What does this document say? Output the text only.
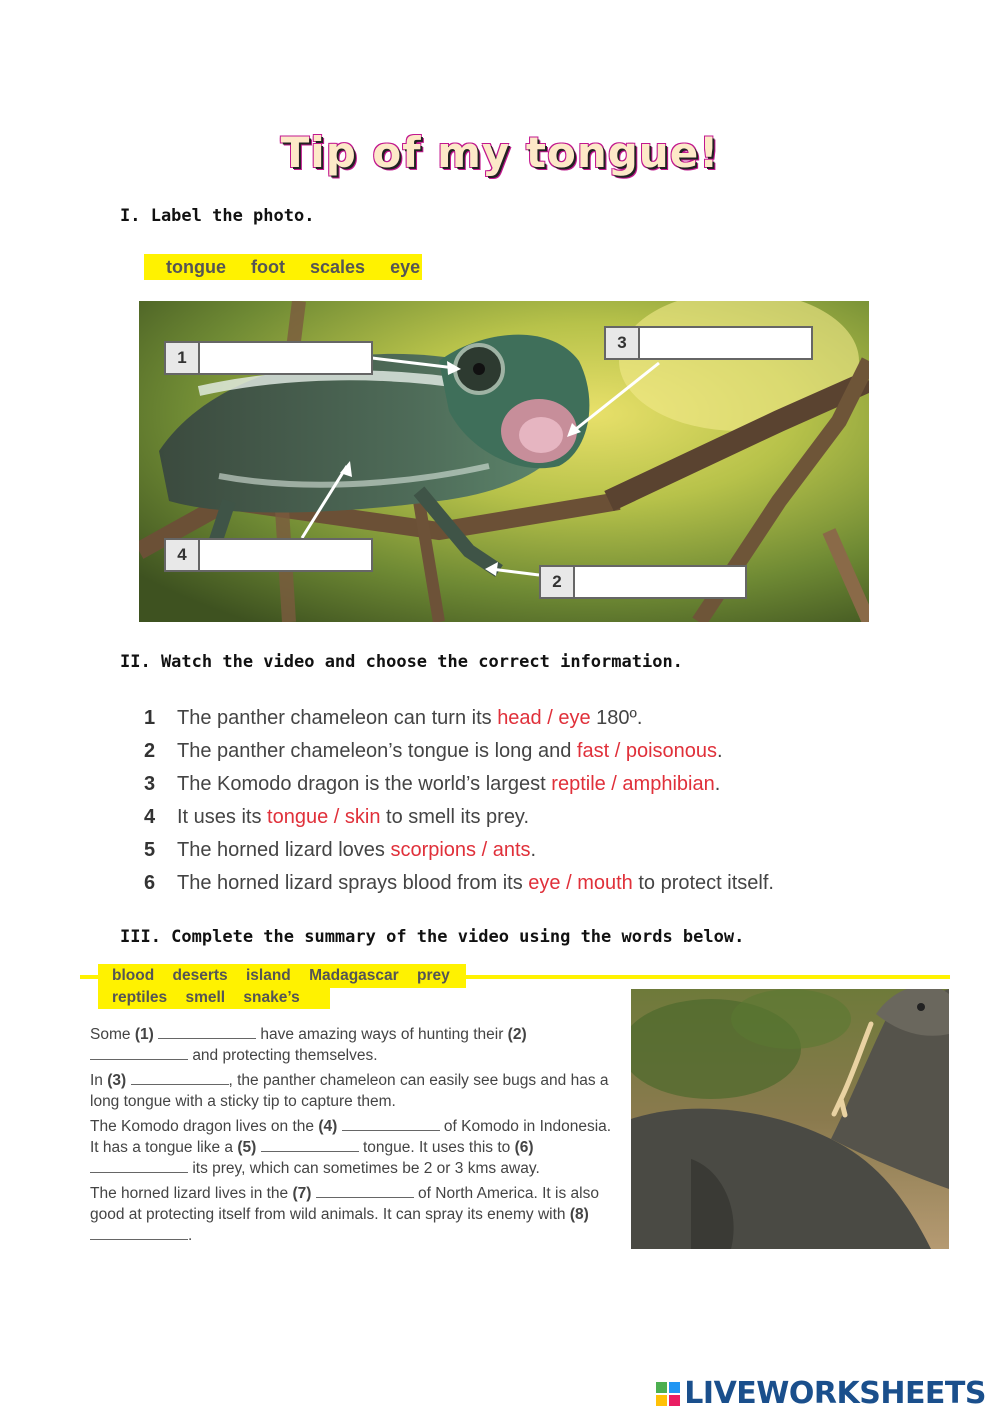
Tip of my tongue!
I. Label the photo.
tongue foot scales eye
1
3
4
2
II. Watch the video and choose the correct information.
1	The panther chameleon can turn its head / eye 180º.
2	The panther chameleon’s tongue is long and fast / poisonous .
3	The Komodo dragon is the world’s largest reptile / amphibian .
4	It uses its tongue / skin to smell its prey.
5	The horned lizard loves scorpions / ants .
6	The horned lizard sprays blood from its eye / mouth to protect itself.
III. Complete the summary of the video using the words below.
blood deserts island Madagascar prey
reptiles smell snake’s

Some (1)	have amazing ways of hunting their (2)
and protecting themselves.

In (3)	, the panther chameleon can easily see bugs and has a long tongue with a sticky tip to capture them.

The Komodo dragon lives on the (4)	of Komodo in Indonesia. It has a tongue like a (5)	tongue. It uses this to (6)  its prey, which can sometimes be 2 or 3 kms away.

The horned lizard lives in the (7)	of North America. It is also good at protecting itself from wild animals. It can spray its enemy with (8) .

LIVEWORKSHEETS
